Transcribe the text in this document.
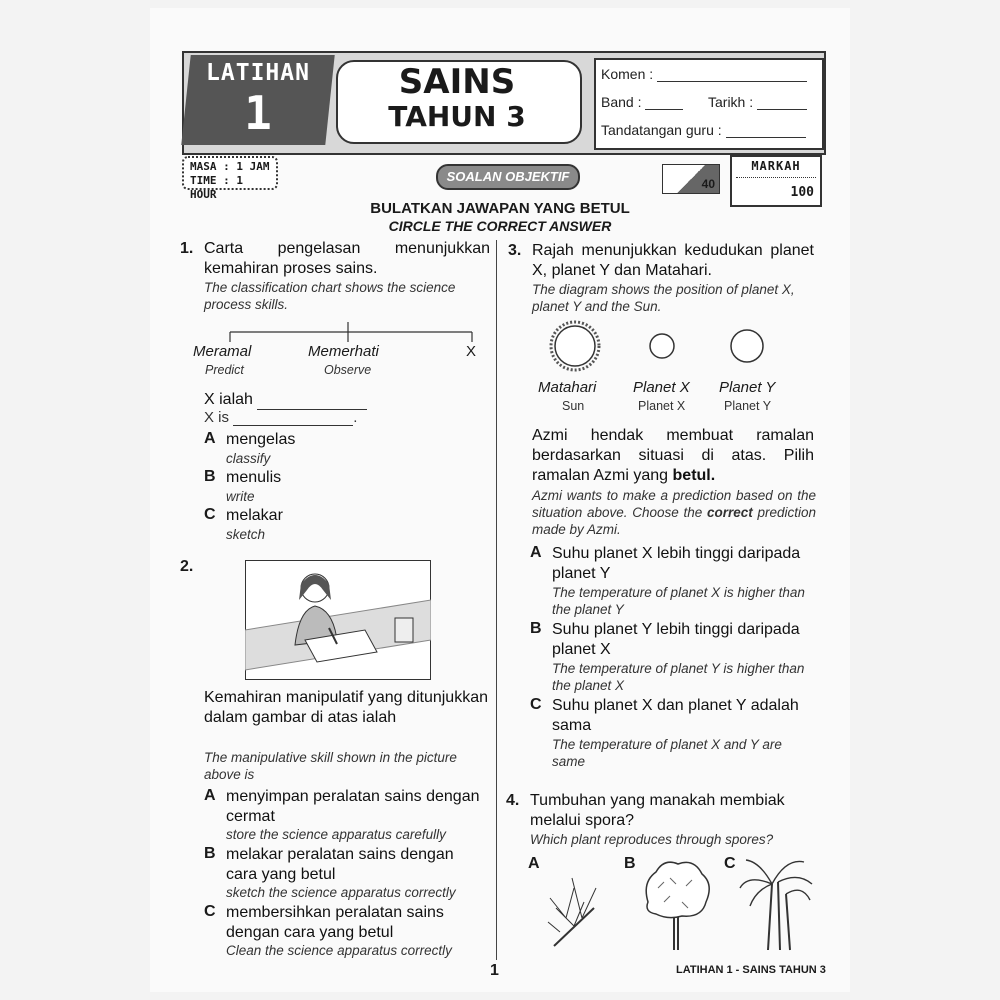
LATIHAN
1
SAINS
TAHUN 3
Komen :
Band :	Tarikh :
Tandatangan guru :
MASA : 1 JAM
TIME : 1 HOUR
SOALAN OBJEKTIF	40
MARKAH
100
BULATKAN JAWAPAN YANG BETUL
CIRCLE THE CORRECT ANSWER
1. Carta pengelasan menunjukkan kemahiran proses sains.
The classification chart shows the science process skills.
Meramal
Predict
Memerhati
Observe
X
X ialah
X is	.
A mengelas
classify
B menulis
write
C melakar
sketch
2.
Kemahiran manipulatif yang ditunjukkan dalam gambar di atas ialah
The manipulative skill shown in the picture above is
A menyimpan peralatan sains dengan cermat
store the science apparatus carefully
B melakar peralatan sains dengan cara yang betul
sketch the science apparatus correctly
C membersihkan peralatan sains dengan cara yang betul
Clean the science apparatus correctly
3. Rajah menunjukkan kedudukan planet X, planet Y dan Matahari.
The diagram shows the position of planet X, planet Y and the Sun.
Matahari
Sun
Planet X
Planet X
Planet Y
Planet Y
Azmi hendak membuat ramalan berdasarkan situasi di atas. Pilih ramalan Azmi yang betul.
Azmi wants to make a prediction based on the situation above. Choose the correct prediction made by Azmi.
A Suhu planet X lebih tinggi daripada planet Y
The temperature of planet X is higher than the planet Y
B Suhu planet Y lebih tinggi daripada planet X
The temperature of planet Y is higher than the planet X
C Suhu planet X dan planet Y adalah sama
The temperature of planet X and Y are same
4. Tumbuhan yang manakah membiak melalui spora?
Which plant reproduces through spores?
A	B	C
1	LATIHAN 1 - SAINS TAHUN 3
